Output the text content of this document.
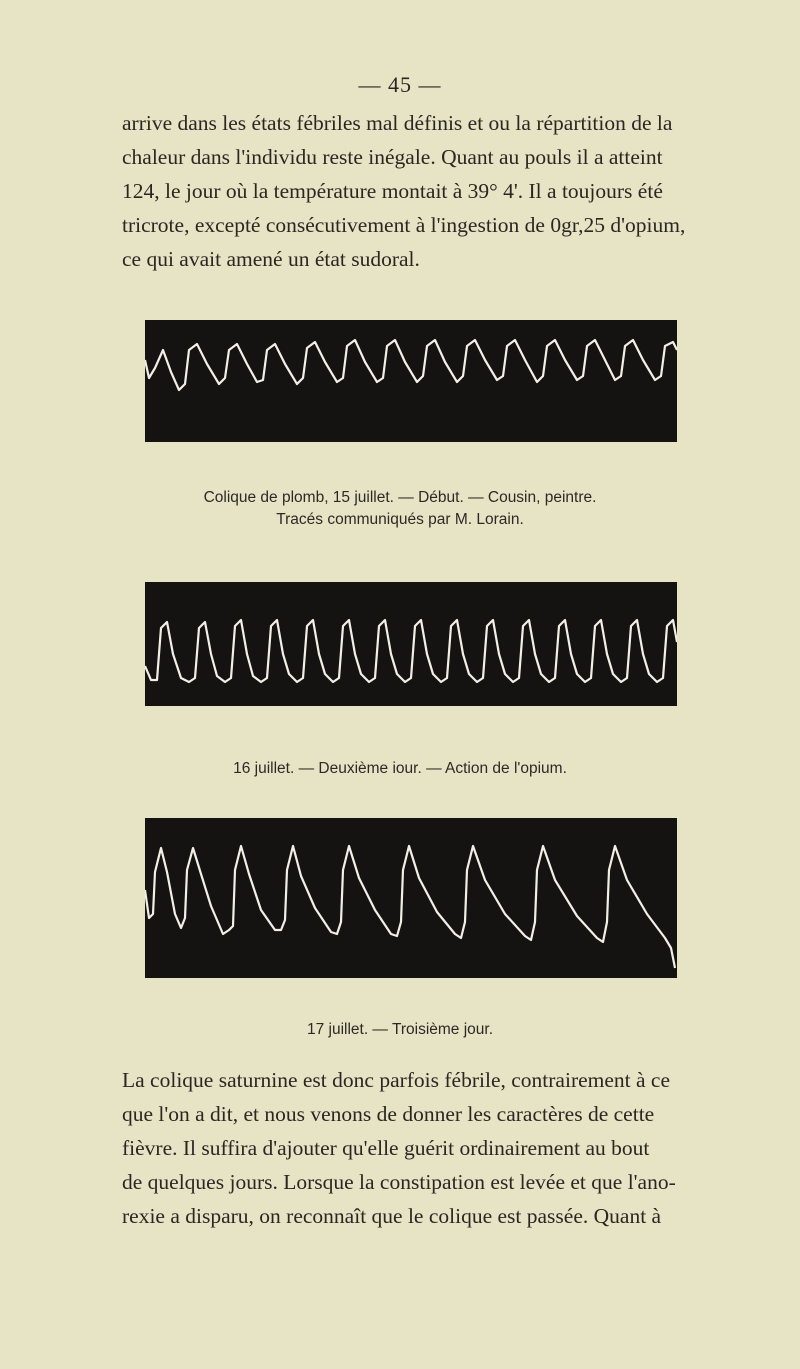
— 45 —

arrive dans les états fébriles mal définis et ou la répartition de la
chaleur dans l'individu reste inégale. Quant au pouls il a atteint
124, le jour où la température montait à 39° 4'. Il a toujours été
tricrote, excepté consécutivement à l'ingestion de 0gr,25 d'opium,
ce qui avait amené un état sudoral.

Colique de plomb, 15 juillet. — Début. — Cousin, peintre.
Tracés communiqués par M. Lorain.
16 juillet. — Deuxième iour. — Action de l'opium.
17 juillet. — Troisième jour.

La colique saturnine est donc parfois fébrile, contrairement à ce
que l'on a dit, et nous venons de donner les caractères de cette
fièvre. Il suffira d'ajouter qu'elle guérit ordinairement au bout
de quelques jours. Lorsque la constipation est levée et que l'ano-
rexie a disparu, on reconnaît que le colique est passée. Quant à
